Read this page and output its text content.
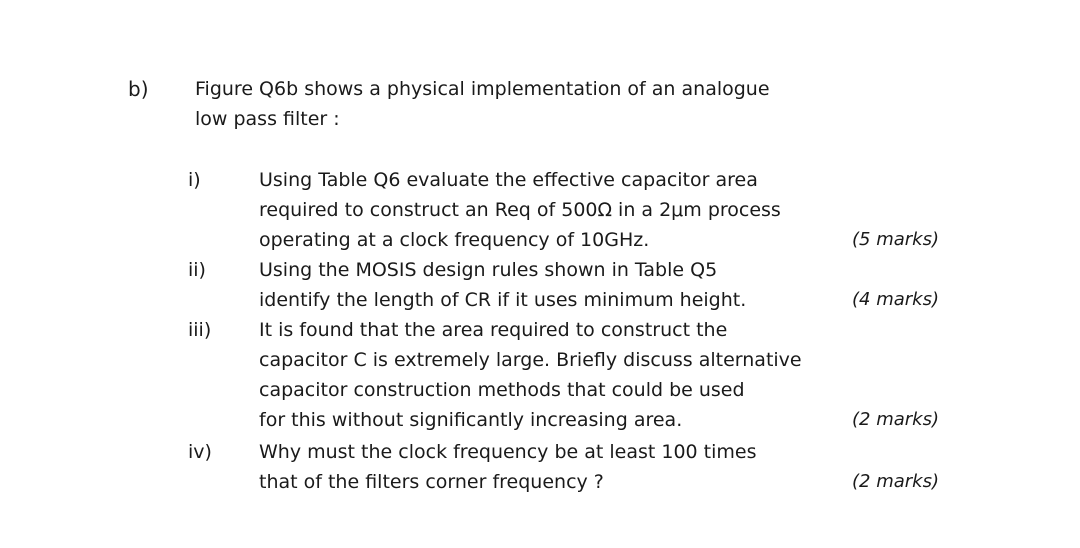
b) Figure Q6b shows a physical implementation of an analogue
low pass filter :
i)	Using Table Q6 evaluate the effective capacitor area
required to construct an Req of 500Ω in a 2μm process
operating at a clock frequency of 10GHz.	(5 marks)
ii)	Using the MOSIS design rules shown in Table Q5
identify the length of CR if it uses minimum height.	(4 marks)
iii)	It is found that the area required to construct the
capacitor C is extremely large. Briefly discuss alternative
capacitor construction methods that could be used
for this without significantly increasing area.	(2 marks)
iv) Why must the clock frequency be at least 100 times
that of the filters corner frequency ?	(2 marks)
